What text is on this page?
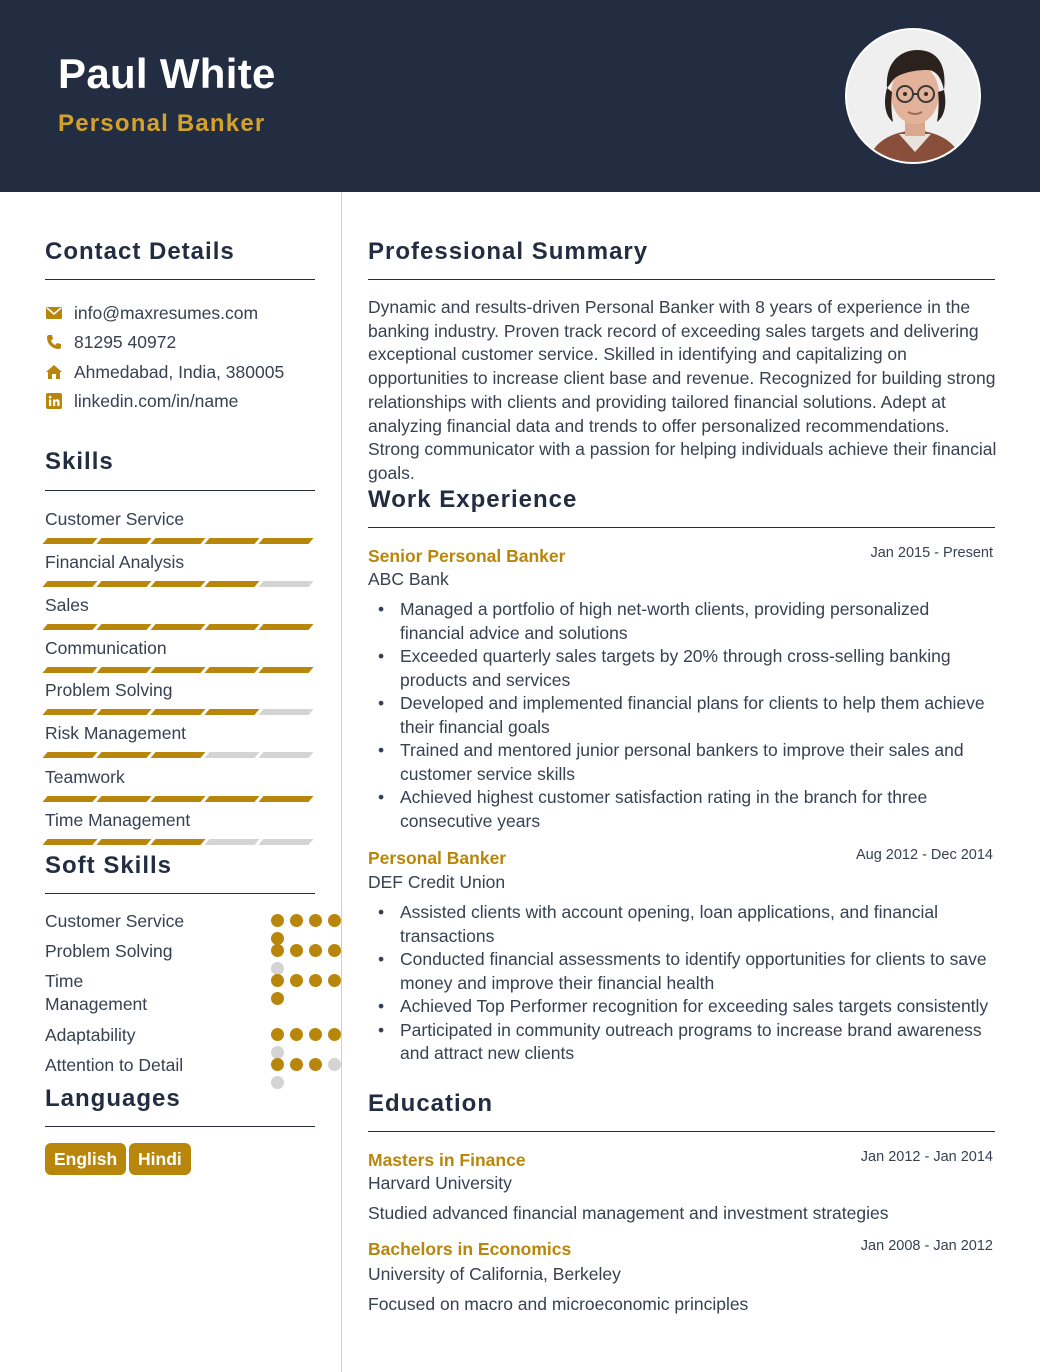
Paul White
Personal Banker
Contact Details
info@maxresumes.com
81295 40972
Ahmedabad, India, 380005
linkedin.com/in/name
Skills
Customer Service
Financial Analysis
Sales
Communication
Problem Solving
Risk Management
Teamwork
Time Management
Soft Skills
Customer Service
Problem Solving
Time Management
Adaptability
Attention to Detail
Languages
English	Hindi
Professional Summary
Dynamic and results-driven Personal Banker with 8 years of experience in the banking industry. Proven track record of exceeding sales targets and delivering exceptional customer service. Skilled in identifying and capitalizing on opportunities to increase client base and revenue. Recognized for building strong relationships with clients and providing tailored financial solutions. Adept at analyzing financial data and trends to offer personalized recommendations. Strong communicator with a passion for helping individuals achieve their financial goals.
Work Experience
Senior Personal Banker	Jan 2015 - Present
ABC Bank
• Managed a portfolio of high net-worth clients, providing personalized financial advice and solutions
• Exceeded quarterly sales targets by 20% through cross-selling banking products and services
• Developed and implemented financial plans for clients to help them achieve their financial goals
• Trained and mentored junior personal bankers to improve their sales and customer service skills
• Achieved highest customer satisfaction rating in the branch for three consecutive years
Personal Banker	Aug 2012 - Dec 2014
DEF Credit Union
• Assisted clients with account opening, loan applications, and financial transactions
• Conducted financial assessments to identify opportunities for clients to save money and improve their financial health
• Achieved Top Performer recognition for exceeding sales targets consistently
• Participated in community outreach programs to increase brand awareness and attract new clients
Education
Masters in Finance	Jan 2012 - Jan 2014
Harvard University
Studied advanced financial management and investment strategies
Bachelors in Economics	Jan 2008 - Jan 2012
University of California, Berkeley
Focused on macro and microeconomic principles
